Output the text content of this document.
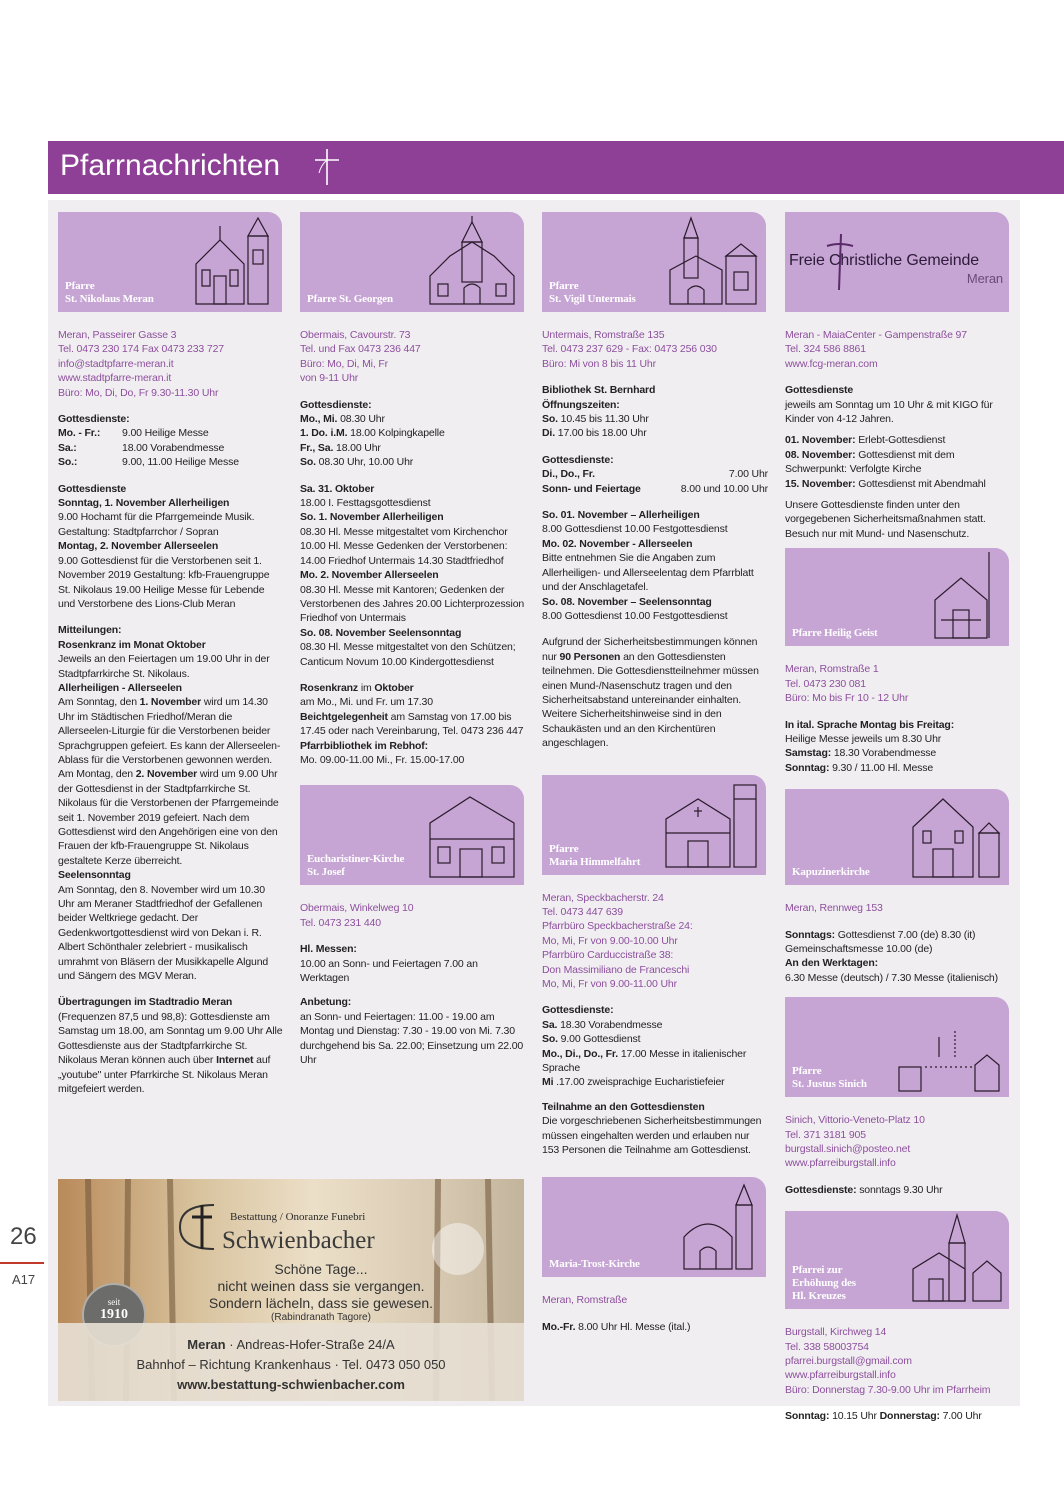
Pfarrnachrichten
26
A17
Pfarre
St. Nikolaus Meran

Meran, Passeirer Gasse 3
Tel. 0473 230 174 Fax 0473 233 727
info@stadtpfarre-meran.it
www.stadtpfarre-meran.it
Büro: Mo, Di, Do, Fr 9.30-11.30 Uhr

Gottesdienste:
Mo. - Fr.:	9.00 Heilige Messe
Sa.:	18.00 Vorabendmesse
So.:	9.00, 11.00 Heilige Messe

Gottesdienste
Sonntag, 1. November Allerheiligen
9.00 Hochamt für die Pfarrgemeinde Musik. Gestaltung: Stadtpfarrchor / Sopran
Montag, 2. November Allerseelen
9.00 Gottesdienst für die Verstorbenen seit 1. November 2019 Gestaltung: kfb-Frauengruppe St. Nikolaus 19.00 Heilige Messe für Lebende und Verstorbene des Lions-Club Meran

Mitteilungen:
Rosenkranz im Monat Oktober
Jeweils an den Feiertagen um 19.00 Uhr in der Stadtpfarrkirche St. Nikolaus.
Allerheiligen - Allerseelen
Am Sonntag, den 1. November wird um 14.30 Uhr im Städtischen Friedhof/Meran die Allerseelen-Liturgie für die Verstorbenen beider Sprachgruppen gefeiert. Es kann der Allerseelen-Ablass für die Verstorbenen gewonnen werden. Am Montag, den 2. November wird um 9.00 Uhr der Gottesdienst in der Stadtpfarrkirche St. Nikolaus für die Verstorbenen der Pfarrgemeinde seit 1. November 2019 gefeiert. Nach dem Gottesdienst wird den Angehörigen eine von den Frauen der kfb-Frauengruppe St. Nikolaus gestaltete Kerze überreicht.
Seelensonntag
Am Sonntag, den 8. November wird um 10.30 Uhr am Meraner Stadtfriedhof der Gefallenen beider Weltkriege gedacht. Der Gedenkwortgottesdienst wird von Dekan i. R. Albert Schönthaler zelebriert - musikalisch umrahmt von Bläsern der Musikkapelle Algund und Sängern des MGV Meran.

Übertragungen im Stadtradio Meran
(Frequenzen 87,5 und 98,8): Gottesdienste am Samstag um 18.00, am Sonntag um 9.00 Uhr Alle Gottesdienste aus der Stadtpfarrkirche St. Nikolaus Meran können auch über Internet auf „youtube" unter Pfarrkirche St. Nikolaus Meran mitgefeiert werden.

Pfarre St. Georgen

Obermais, Cavourstr. 73
Tel. und Fax 0473 236 447
Büro: Mo, Di, Mi, Fr
von 9-11 Uhr

Gottesdienste:
Mo., Mi. 08.30 Uhr
1. Do. i.M. 18.00 Kolpingkapelle
Fr., Sa. 18.00 Uhr
So. 08.30 Uhr, 10.00 Uhr

Sa. 31. Oktober
18.00 I. Festtagsgottesdienst
So. 1. November Allerheiligen
08.30 Hl. Messe mitgestaltet vom Kirchenchor 10.00 Hl. Messe Gedenken der Verstorbenen: 14.00 Friedhof Untermais 14.30 Stadtfriedhof
Mo. 2. November Allerseelen
08.30 Hl. Messe mit Kantoren; Gedenken der Verstorbenen des Jahres 20.00 Lichterprozession Friedhof von Untermais
So. 08. November Seelensonntag
08.30 Hl. Messe mitgestaltet von den Schützen; Canticum Novum 10.00 Kindergottesdienst

Rosenkranz im Oktober
am Mo., Mi. und Fr. um 17.30
Beichtgelegenheit am Samstag von 17.00 bis 17.45 oder nach Vereinbarung, Tel. 0473 236 447
Pfarrbibliothek im Rebhof:
Mo. 09.00-11.00 Mi., Fr. 15.00-17.00

Eucharistiner-Kirche
St. Josef

Obermais, Winkelweg 10
Tel. 0473 231 440

Hl. Messen:
10.00 an Sonn- und Feiertagen 7.00 an Werktagen

Anbetung:
an Sonn- und Feiertagen: 11.00 - 19.00 am Montag und Dienstag: 7.30 - 19.00 von Mi. 7.30 durchgehend bis Sa. 22.00; Einsetzung um 22.00 Uhr

Pfarre
St. Vigil Untermais

Untermais, Romstraße 135
Tel. 0473 237 629 - Fax: 0473 256 030
Büro: Mi von 8 bis 11 Uhr

Bibliothek St. Bernhard
Öffnungszeiten:
So. 10.45 bis 11.30 Uhr
Di. 17.00 bis 18.00 Uhr

Gottesdienste:

Di., Do., Fr.	7.00 Uhr
Sonn- und Feiertage	8.00 und 10.00 Uhr

So. 01. November – Allerheiligen
8.00 Gottesdienst 10.00 Festgottesdienst
Mo. 02. November - Allerseelen
Bitte entnehmen Sie die Angaben zum Allerheiligen- und Allerseelentag dem Pfarrblatt und der Anschlagetafel.
So. 08. November – Seelensonntag
8.00 Gottesdienst 10.00 Festgottesdienst

Aufgrund der Sicherheitsbestimmungen können nur 90 Personen an den Gottesdiensten teilnehmen. Die Gottesdienstteilnehmer müssen einen Mund-/Nasenschutz tragen und den Sicherheitsabstand untereinander einhalten. Weitere Sicherheitshinweise sind in den Schaukästen und an den Kirchentüren angeschlagen.

Pfarre
Maria Himmelfahrt

Meran, Speckbacherstr. 24
Tel. 0473 447 639
Pfarrbüro Speckbacherstraße 24:
Mo, Mi, Fr von 9.00-10.00 Uhr
Pfarrbüro Carduccistraße 38:
Don Massimiliano de Franceschi
Mo, Mi, Fr von 9.00-11.00 Uhr

Gottesdienste:
Sa. 18.30 Vorabendmesse
So. 9.00 Gottesdienst
Mo., Di., Do., Fr. 17.00 Messe in italienischer Sprache
Mi .17.00 zweisprachige Eucharistiefeier

Teilnahme an den Gottesdiensten
Die vorgeschriebenen Sicherheitsbestimmungen müssen eingehalten werden und erlauben nur 153 Personen die Teilnahme am Gottesdienst.

Maria-Trost-Kirche

Meran, Romstraße

Mo.-Fr. 8.00 Uhr Hl. Messe (ital.)

Freie Christliche Gemeinde
Meran

Meran - MaiaCenter - Gampenstraße 97
Tel. 324 586 8861
www.fcg-meran.com

Gottesdienste
jeweils am Sonntag um 10 Uhr & mit KIGO für Kinder von 4-12 Jahren.

01. November: Erlebt-Gottesdienst
08. November: Gottesdienst mit dem Schwerpunkt: Verfolgte Kirche
15. November: Gottesdienst mit Abendmahl

Unsere Gottesdienste finden unter den vorgegebenen Sicherheitsmaßnahmen statt. Besuch nur mit Mund- und Nasenschutz.

Pfarre Heilig Geist

Meran, Romstraße 1
Tel. 0473 230 081
Büro: Mo bis Fr 10 - 12 Uhr

In ital. Sprache Montag bis Freitag:
Heilige Messe jeweils um 8.30 Uhr
Samstag: 18.30 Vorabendmesse
Sonntag: 9.30 / 11.00 Hl. Messe

Kapuzinerkirche

Meran, Rennweg 153

Sonntags: Gottesdienst 7.00 (de) 8.30 (it) Gemeinschaftsmesse 10.00 (de)
An den Werktagen:
6.30 Messe (deutsch) / 7.30 Messe (italienisch)

Pfarre
St. Justus Sinich

Sinich, Vittorio-Veneto-Platz 10
Tel. 371 3181 905
burgstall.sinich@posteo.net
www.pfarreiburgstall.info

Gottesdienste: sonntags 9.30 Uhr

Pfarrei zur
Erhöhung des
Hl. Kreuzes

Burgstall, Kirchweg 14
Tel. 338 58003754
pfarrei.burgstall@gmail.com
www.pfarreiburgstall.info
Büro: Donnerstag 7.30-9.00 Uhr im Pfarrheim

Sonntag: 10.15 Uhr Donnerstag: 7.00 Uhr

Bestattung / Onoranze Funebri
Schwienbacher
Schöne Tage...
nicht weinen dass sie vergangen.
Sondern lächeln, dass sie gewesen.
(Rabindranath Tagore)
seit
1910
Meran · Andreas-Hofer-Straße 24/A
Bahnhof – Richtung Krankenhaus · Tel. 0473 050 050
www.bestattung-schwienbacher.com
